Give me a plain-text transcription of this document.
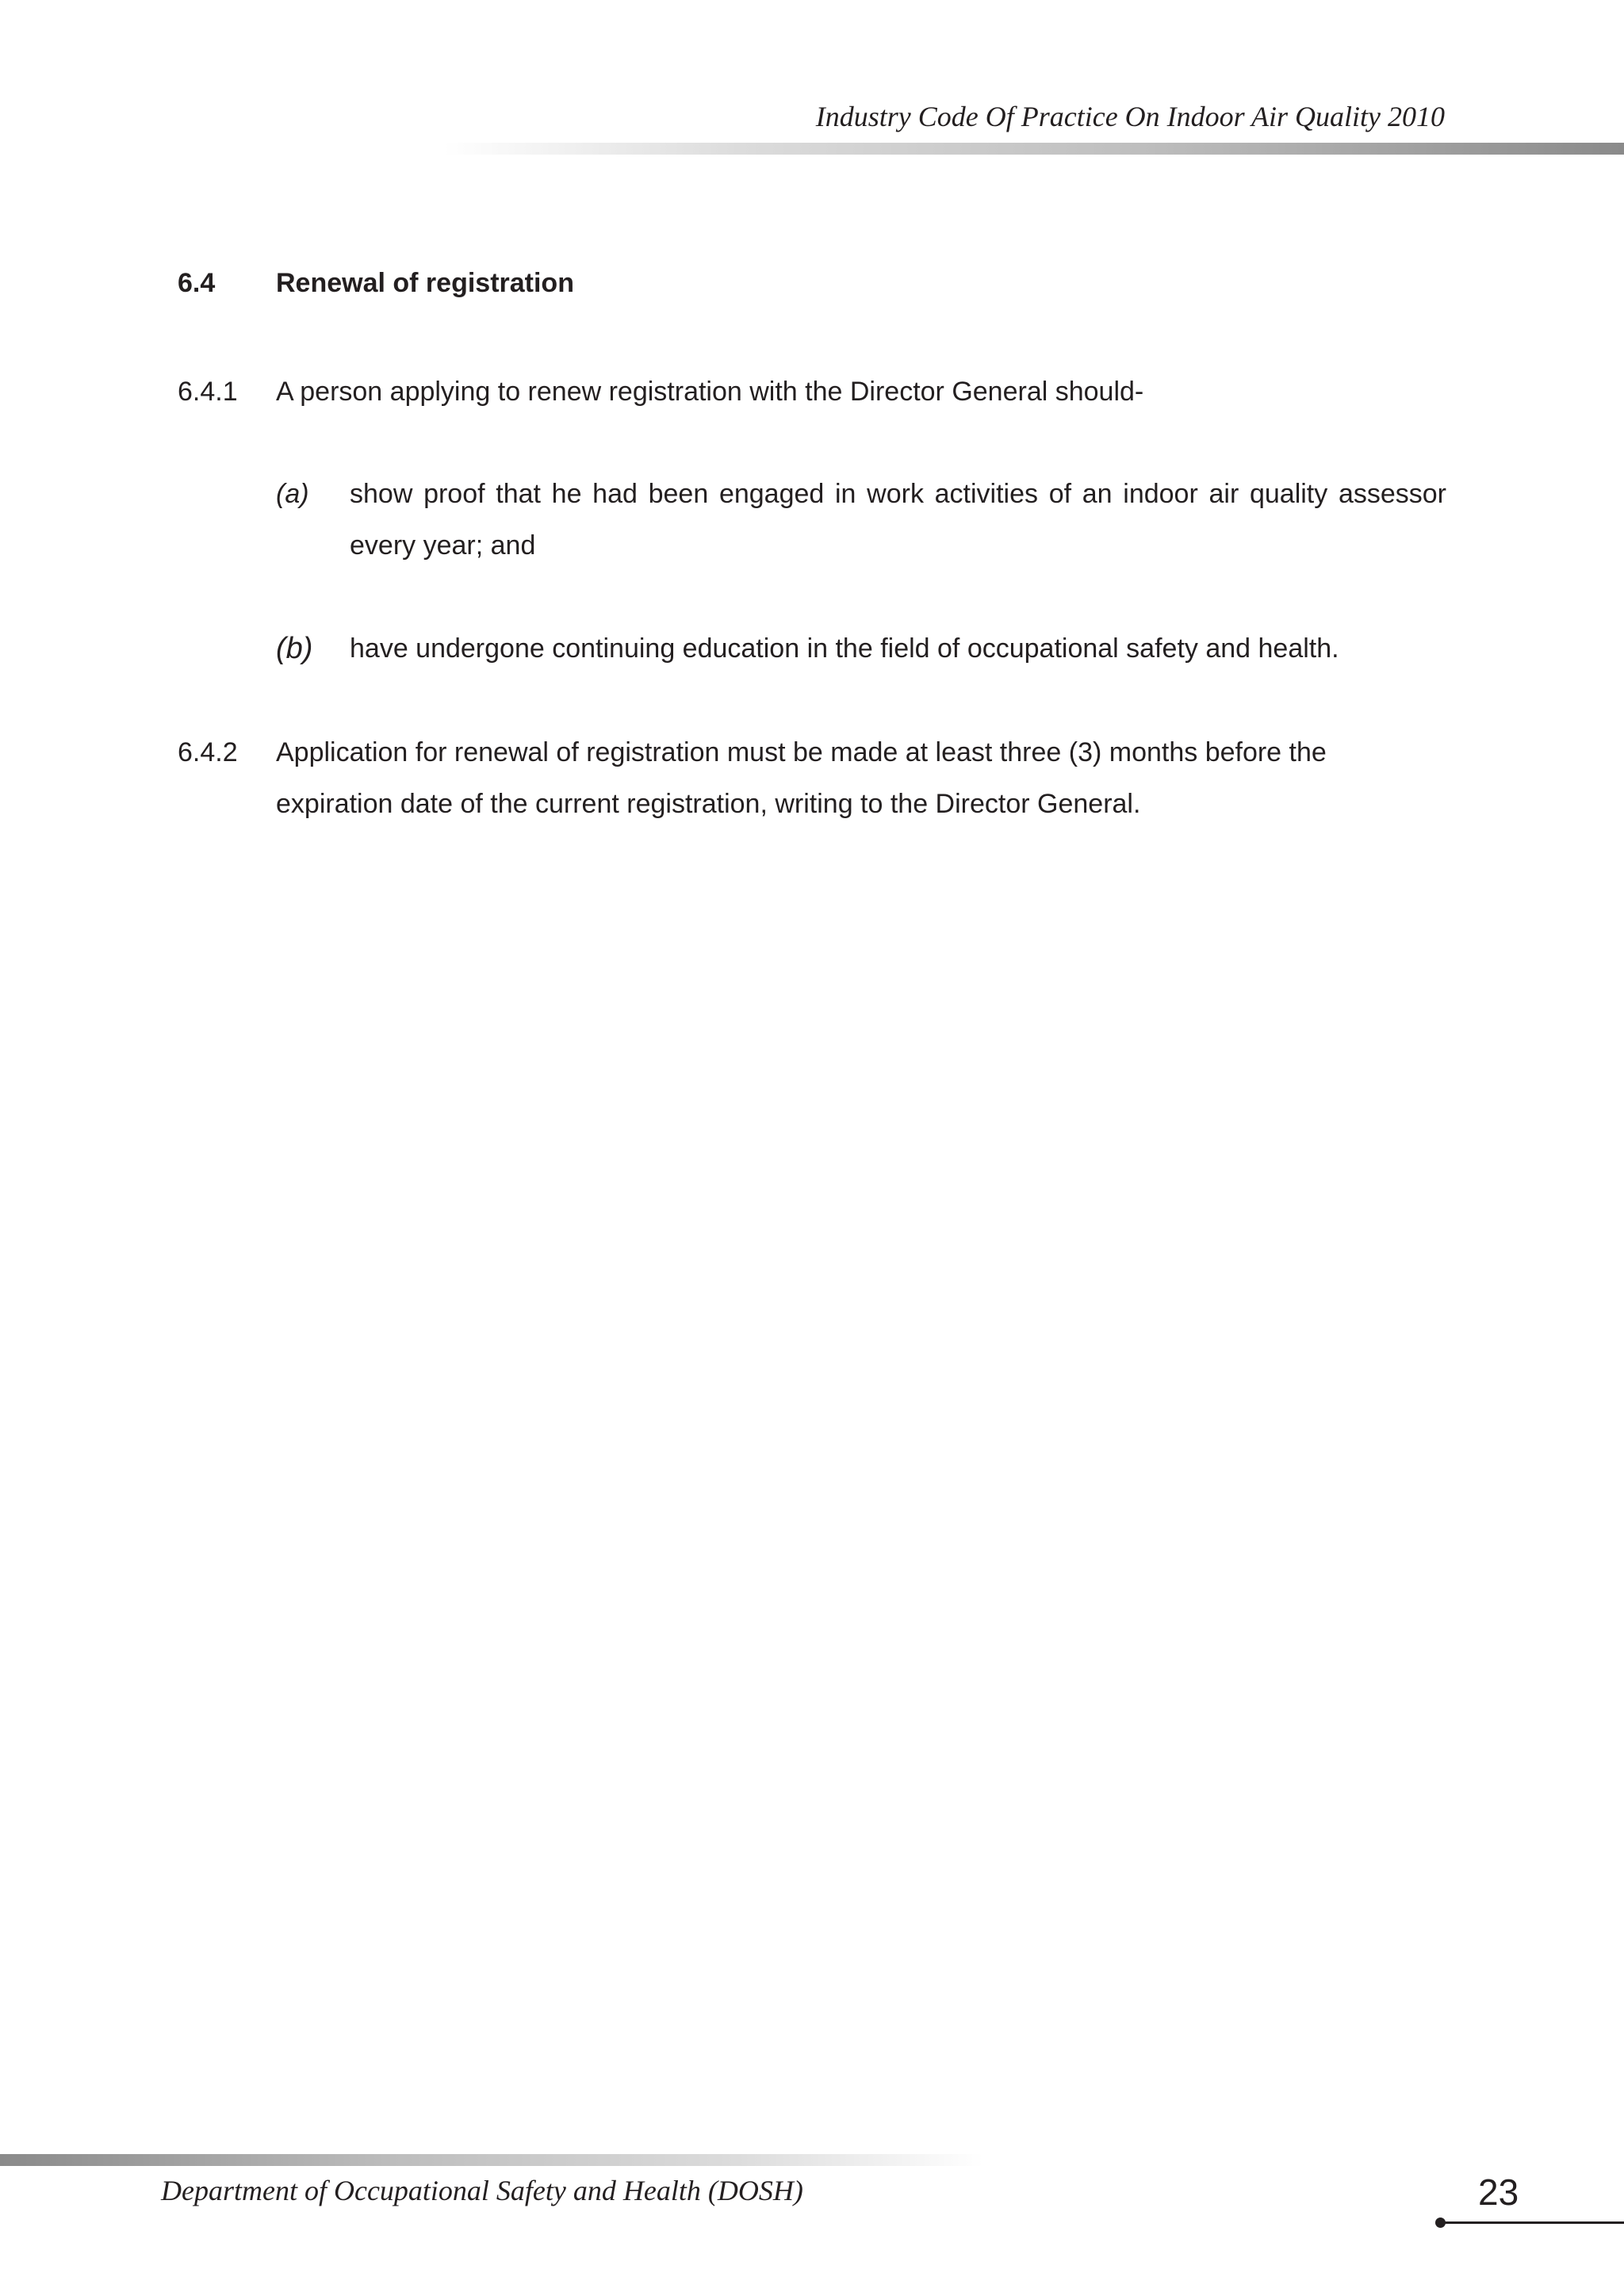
Industry Code Of Practice On Indoor Air Quality 2010
6.4 Renewal of registration
6.4.1 A person applying to renew registration with the Director General should-
(a) show proof that he had been engaged in work activities of an indoor air quality assessor every year; and
(b) have undergone continuing education in the field of occupational safety and health.
6.4.2 Application for renewal of registration must be made at least three (3) months before the expiration date of the current registration, writing to the Director General.
Department of Occupational Safety and Health (DOSH)	23
